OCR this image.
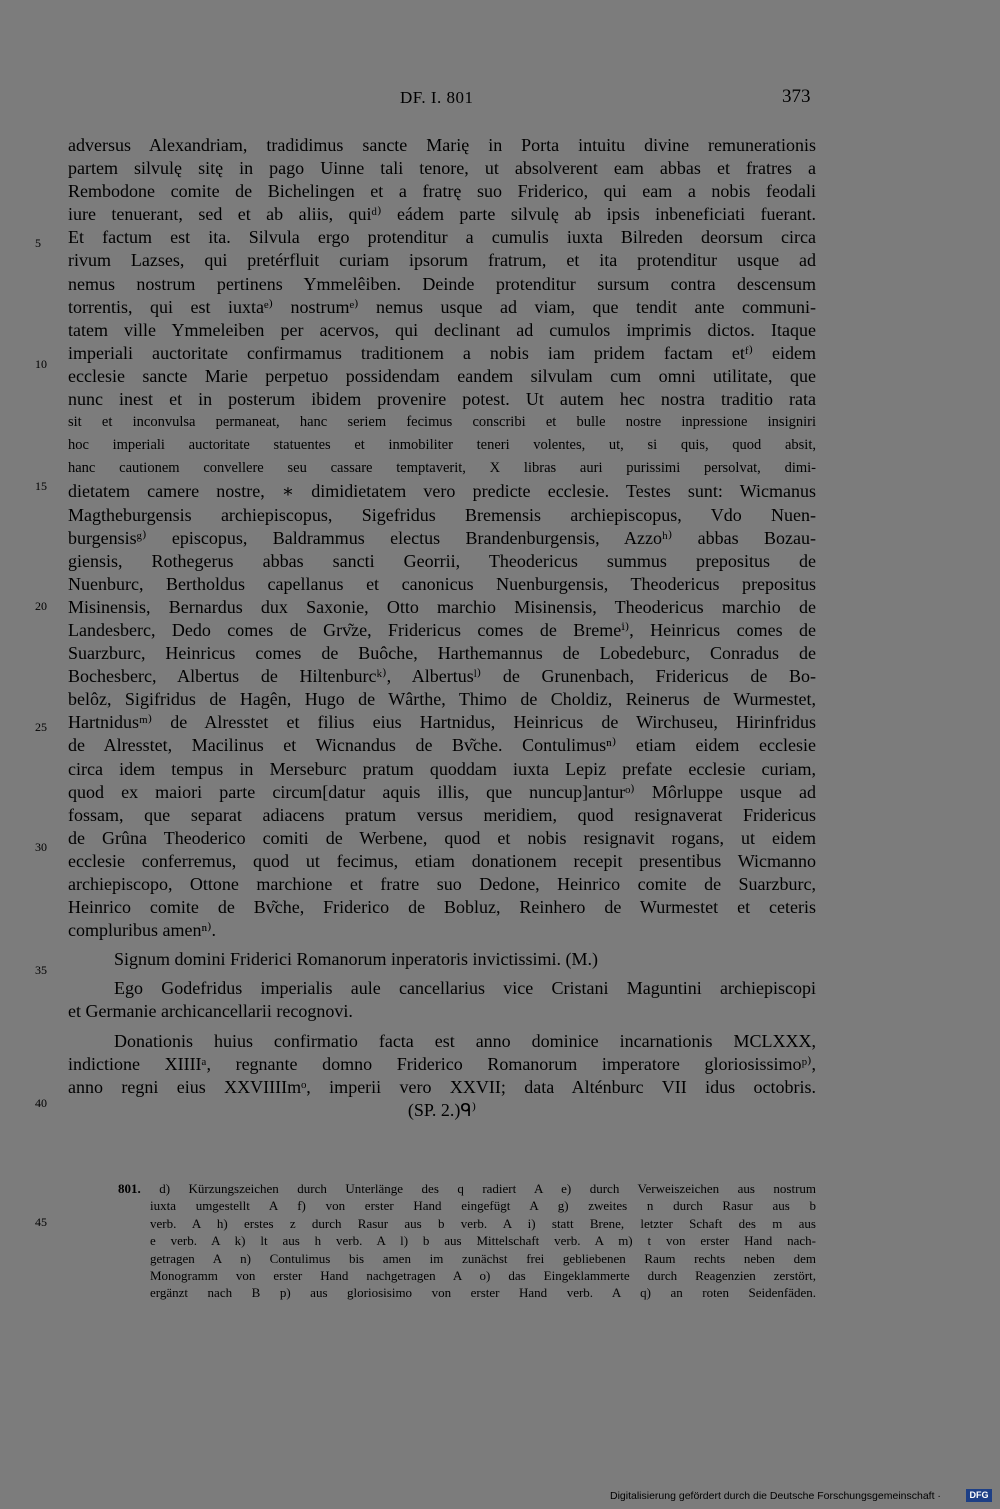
DF. I. 801	373
5
10
15
20
25
30
35
40
45
adversus Alexandriam, tradidimus sancte Marię in Porta intuitu divine remunerationis
partem silvulę sitę in pago Uinne tali tenore, ut absolverent eam abbas et fratres a
Rembodone comite de Bichelingen et a fratrę suo Friderico, qui eam a nobis feodali
iure tenuerant, sed et ab aliis, quiᵈ⁾ eádem parte silvulę ab ipsis inbeneficiati fuerant.
Et factum est ita. Silvula ergo protenditur a cumulis iuxta Bilreden deorsum circa
rivum Lazses, qui pretérfluit curiam ipsorum fratrum, et ita protenditur usque ad
nemus nostrum pertinens Ymmelêiben. Deinde protenditur sursum contra descensum
torrentis, qui est iuxtaᵉ⁾ nostrumᵉ⁾ nemus usque ad viam, que tendit ante communi-
tatem ville Ymmeleiben per acervos, qui declinant ad cumulos imprimis dictos. Itaque
imperiali auctoritate confirmamus traditionem a nobis iam pridem factam etᶠ⁾ eidem
ecclesie sancte Marie perpetuo possidendam eandem silvulam cum omni utilitate, que
nunc inest et in posterum ibidem provenire potest. Ut autem hec nostra traditio rata
sit et inconvulsa permaneat, hanc seriem fecimus conscribi et bulle nostre inpressione insigniri
hoc imperiali auctoritate statuentes et inmobiliter teneri volentes, ut, si quis, quod absit,
hanc cautionem convellere seu cassare temptaverit, X libras auri purissimi persolvat, dimi-
dietatem camere nostre, ∗ dimidietatem vero predicte ecclesie. Testes sunt: Wicmanus
Magtheburgensis archiepiscopus, Sigefridus Bremensis archiepiscopus, Vdo Nuen-
burgensisᵍ⁾ episcopus, Baldrammus electus Brandenburgensis, Azzoʰ⁾ abbas Bozau-
giensis, Rothegerus abbas sancti Georrii, Theodericus summus prepositus de
Nuenburc, Bertholdus capellanus et canonicus Nuenburgensis, Theodericus prepositus
Misinensis, Bernardus dux Saxonie, Otto marchio Misinensis, Theodericus marchio de
Landesberc, Dedo comes de Grv͂ze, Fridericus comes de Bremeⁱ⁾, Heinricus comes de
Suarzburc, Heinricus comes de Buôche, Harthemannus de Lobedeburc, Conradus de
Bochesberc, Albertus de Hiltenburcᵏ⁾, Albertusˡ⁾ de Grunenbach, Fridericus de Bo-
belôz, Sigifridus de Hagên, Hugo de Wârthe, Thimo de Choldiz, Reinerus de Wurmestet,
Hartnidusᵐ⁾ de Alresstet et filius eius Hartnidus, Heinricus de Wirchuseu, Hirinfridus
de Alresstet, Macilinus et Wicnandus de Bv͂che. Contulimusⁿ⁾ etiam eidem ecclesie
circa idem tempus in Merseburc pratum quoddam iuxta Lepiz prefate ecclesie curiam,
quod ex maiori parte circum[datur aquis illis, que nuncup]anturᵒ⁾ Môrluppe usque ad
fossam, que separat adiacens pratum versus meridiem, quod resignaverat Fridericus
de Grûna Theoderico comiti de Werbene, quod et nobis resignavit rogans, ut eidem
ecclesie conferremus, quod ut fecimus, etiam donationem recepit presentibus Wicmanno
archiepiscopo, Ottone marchione et fratre suo Dedone, Heinrico comite de Suarzburc,
Heinrico comite de Bv͂che, Friderico de Bobluz, Reinhero de Wurmestet et ceteris
compluribus amenⁿ⁾.
Signum domini Friderici Romanorum inperatoris invictissimi. (M.)
Ego Godefridus imperialis aule cancellarius vice Cristani Maguntini archiepiscopi
et Germanie archicancellarii recognovi.
Donationis huius confirmatio facta est anno dominice incarnationis MCLXXX,
indictione XIIIIᵃ, regnante domno Friderico Romanorum imperatore gloriosissimoᵖ⁾,
anno regni eius XXVIIIImᵒ, imperii vero XXVII; data Alténburc VII idus octobris.
(SP. 2.)ᑫ⁾
801. d) Kürzungszeichen durch Unterlänge des q radiert A e) durch Verweiszeichen aus nostrum
iuxta umgestellt A f) von erster Hand eingefügt A g) zweites n durch Rasur aus b
verb. A h) erstes z durch Rasur aus b verb. A i) statt Brene, letzter Schaft des m aus
e verb. A k) lt aus h verb. A l) b aus Mittelschaft verb. A m) t von erster Hand nach-
getragen A n) Contulimus bis amen im zunächst frei gebliebenen Raum rechts neben dem
Monogramm von erster Hand nachgetragen A o) das Eingeklammerte durch Reagenzien zerstört,
ergänzt nach B p) aus gloriosisimo von erster Hand verb. A q) an roten Seidenfäden.
Digitalisierung gefördert durch die Deutsche Forschungsgemeinschaft ·	DFG
